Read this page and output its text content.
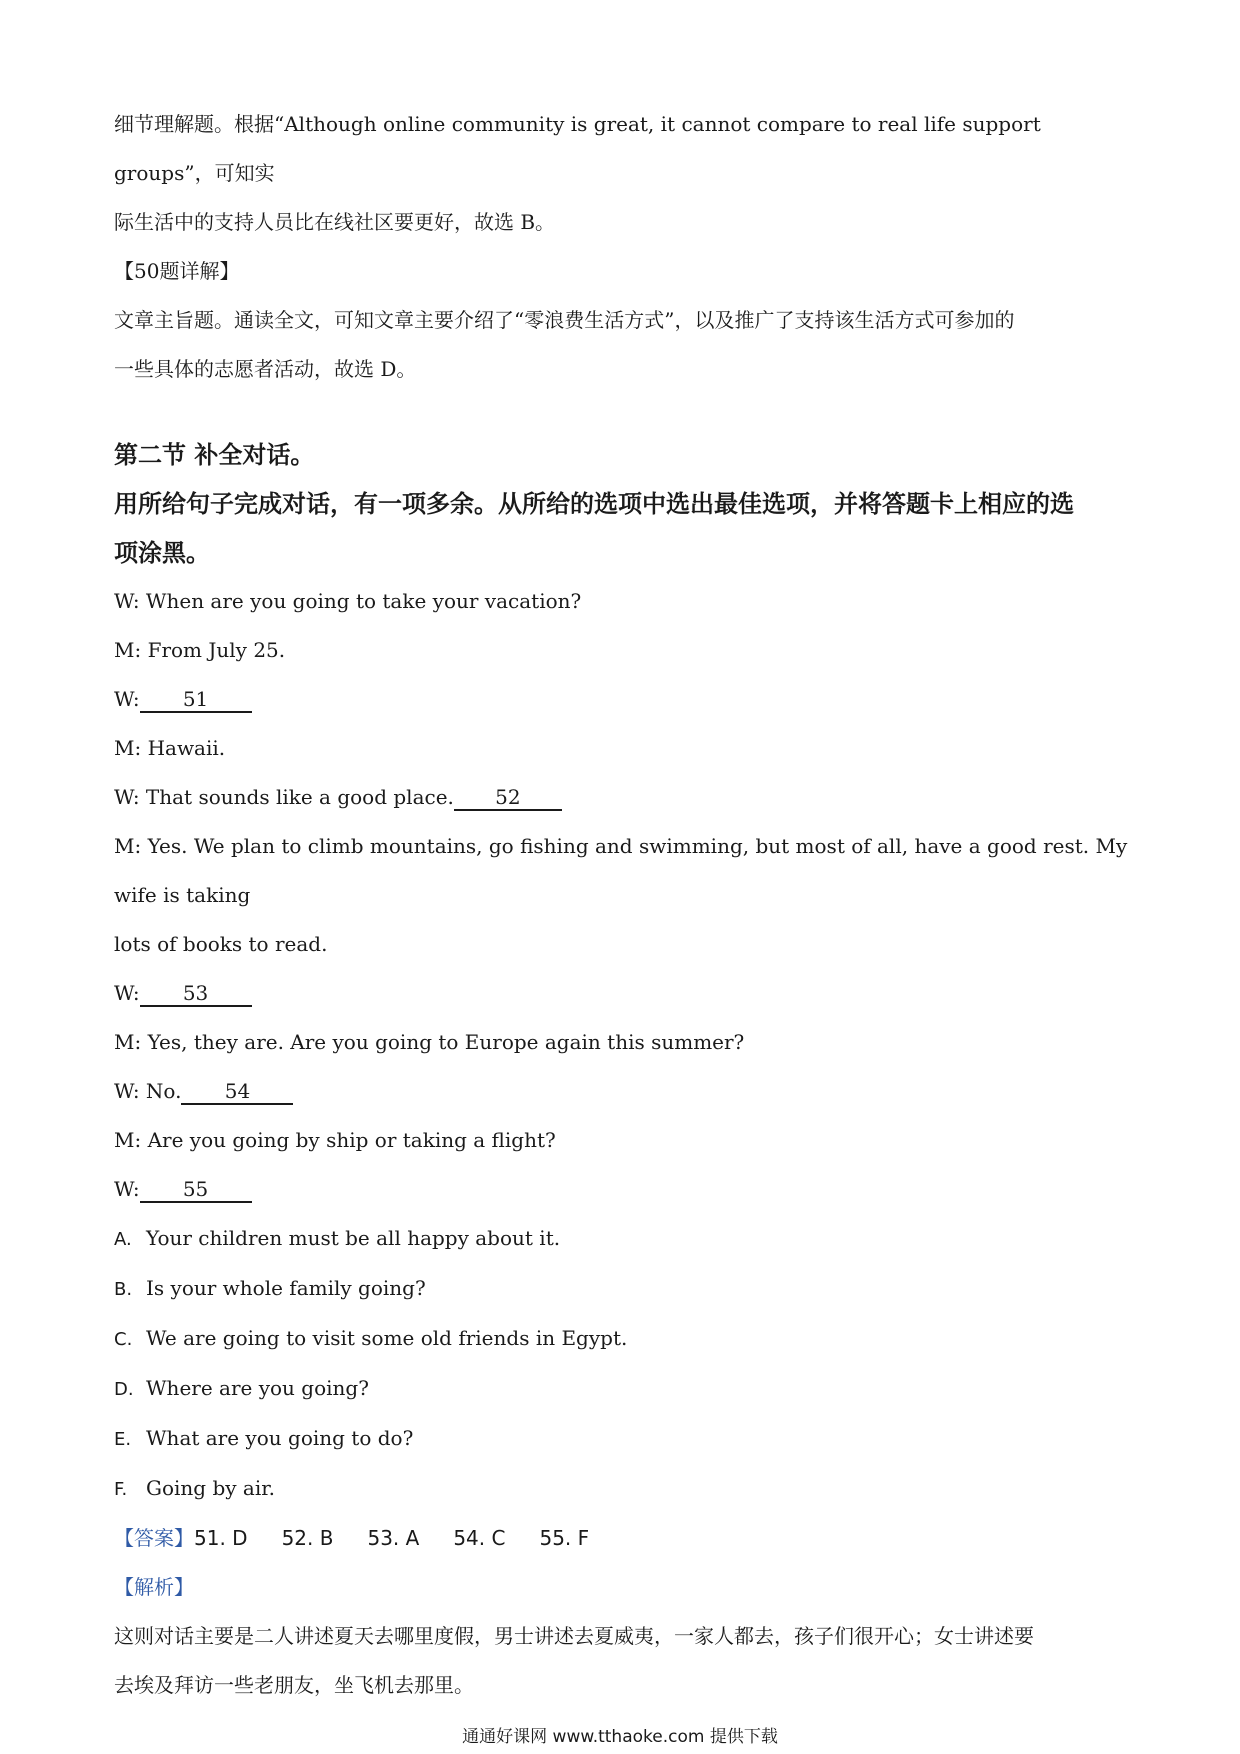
细节理解题。根据“Although online community is great, it cannot compare to real life support groups”，可知实

际生活中的支持人员比在线社区要更好，故选 B。

【50题详解】

文章主旨题。通读全文，可知文章主要介绍了“零浪费生活方式”，以及推广了支持该生活方式可参加的

一些具体的志愿者活动，故选 D。

第二节 补全对话。

用所给句子完成对话，有一项多余。从所给的选项中选出最佳选项，并将答题卡上相应的选

项涂黑。

W: When are you going to take your vacation?

M: From July 25.

W: 51

M: Hawaii.

W: That sounds like a good place. 52

M: Yes. We plan to climb mountains, go fishing and swimming, but most of all, have a good rest. My wife is taking

lots of books to read.

W: 53

M: Yes, they are. Are you going to Europe again this summer?

W: No. 54

M: Are you going by ship or taking a flight?

W: 55

A. Your children must be all happy about it.

B. Is your whole family going?

C. We are going to visit some old friends in Egypt.

D. Where are you going?

E. What are you going to do?

F. Going by air.

【答案】51. D 52. B 53. A 54. C 55. F

【解析】

这则对话主要是二人讲述夏天去哪里度假，男士讲述去夏威夷，一家人都去，孩子们很开心；女士讲述要

去埃及拜访一些老朋友，坐飞机去那里。

通通好课网 www.tthaoke.com 提供下载
